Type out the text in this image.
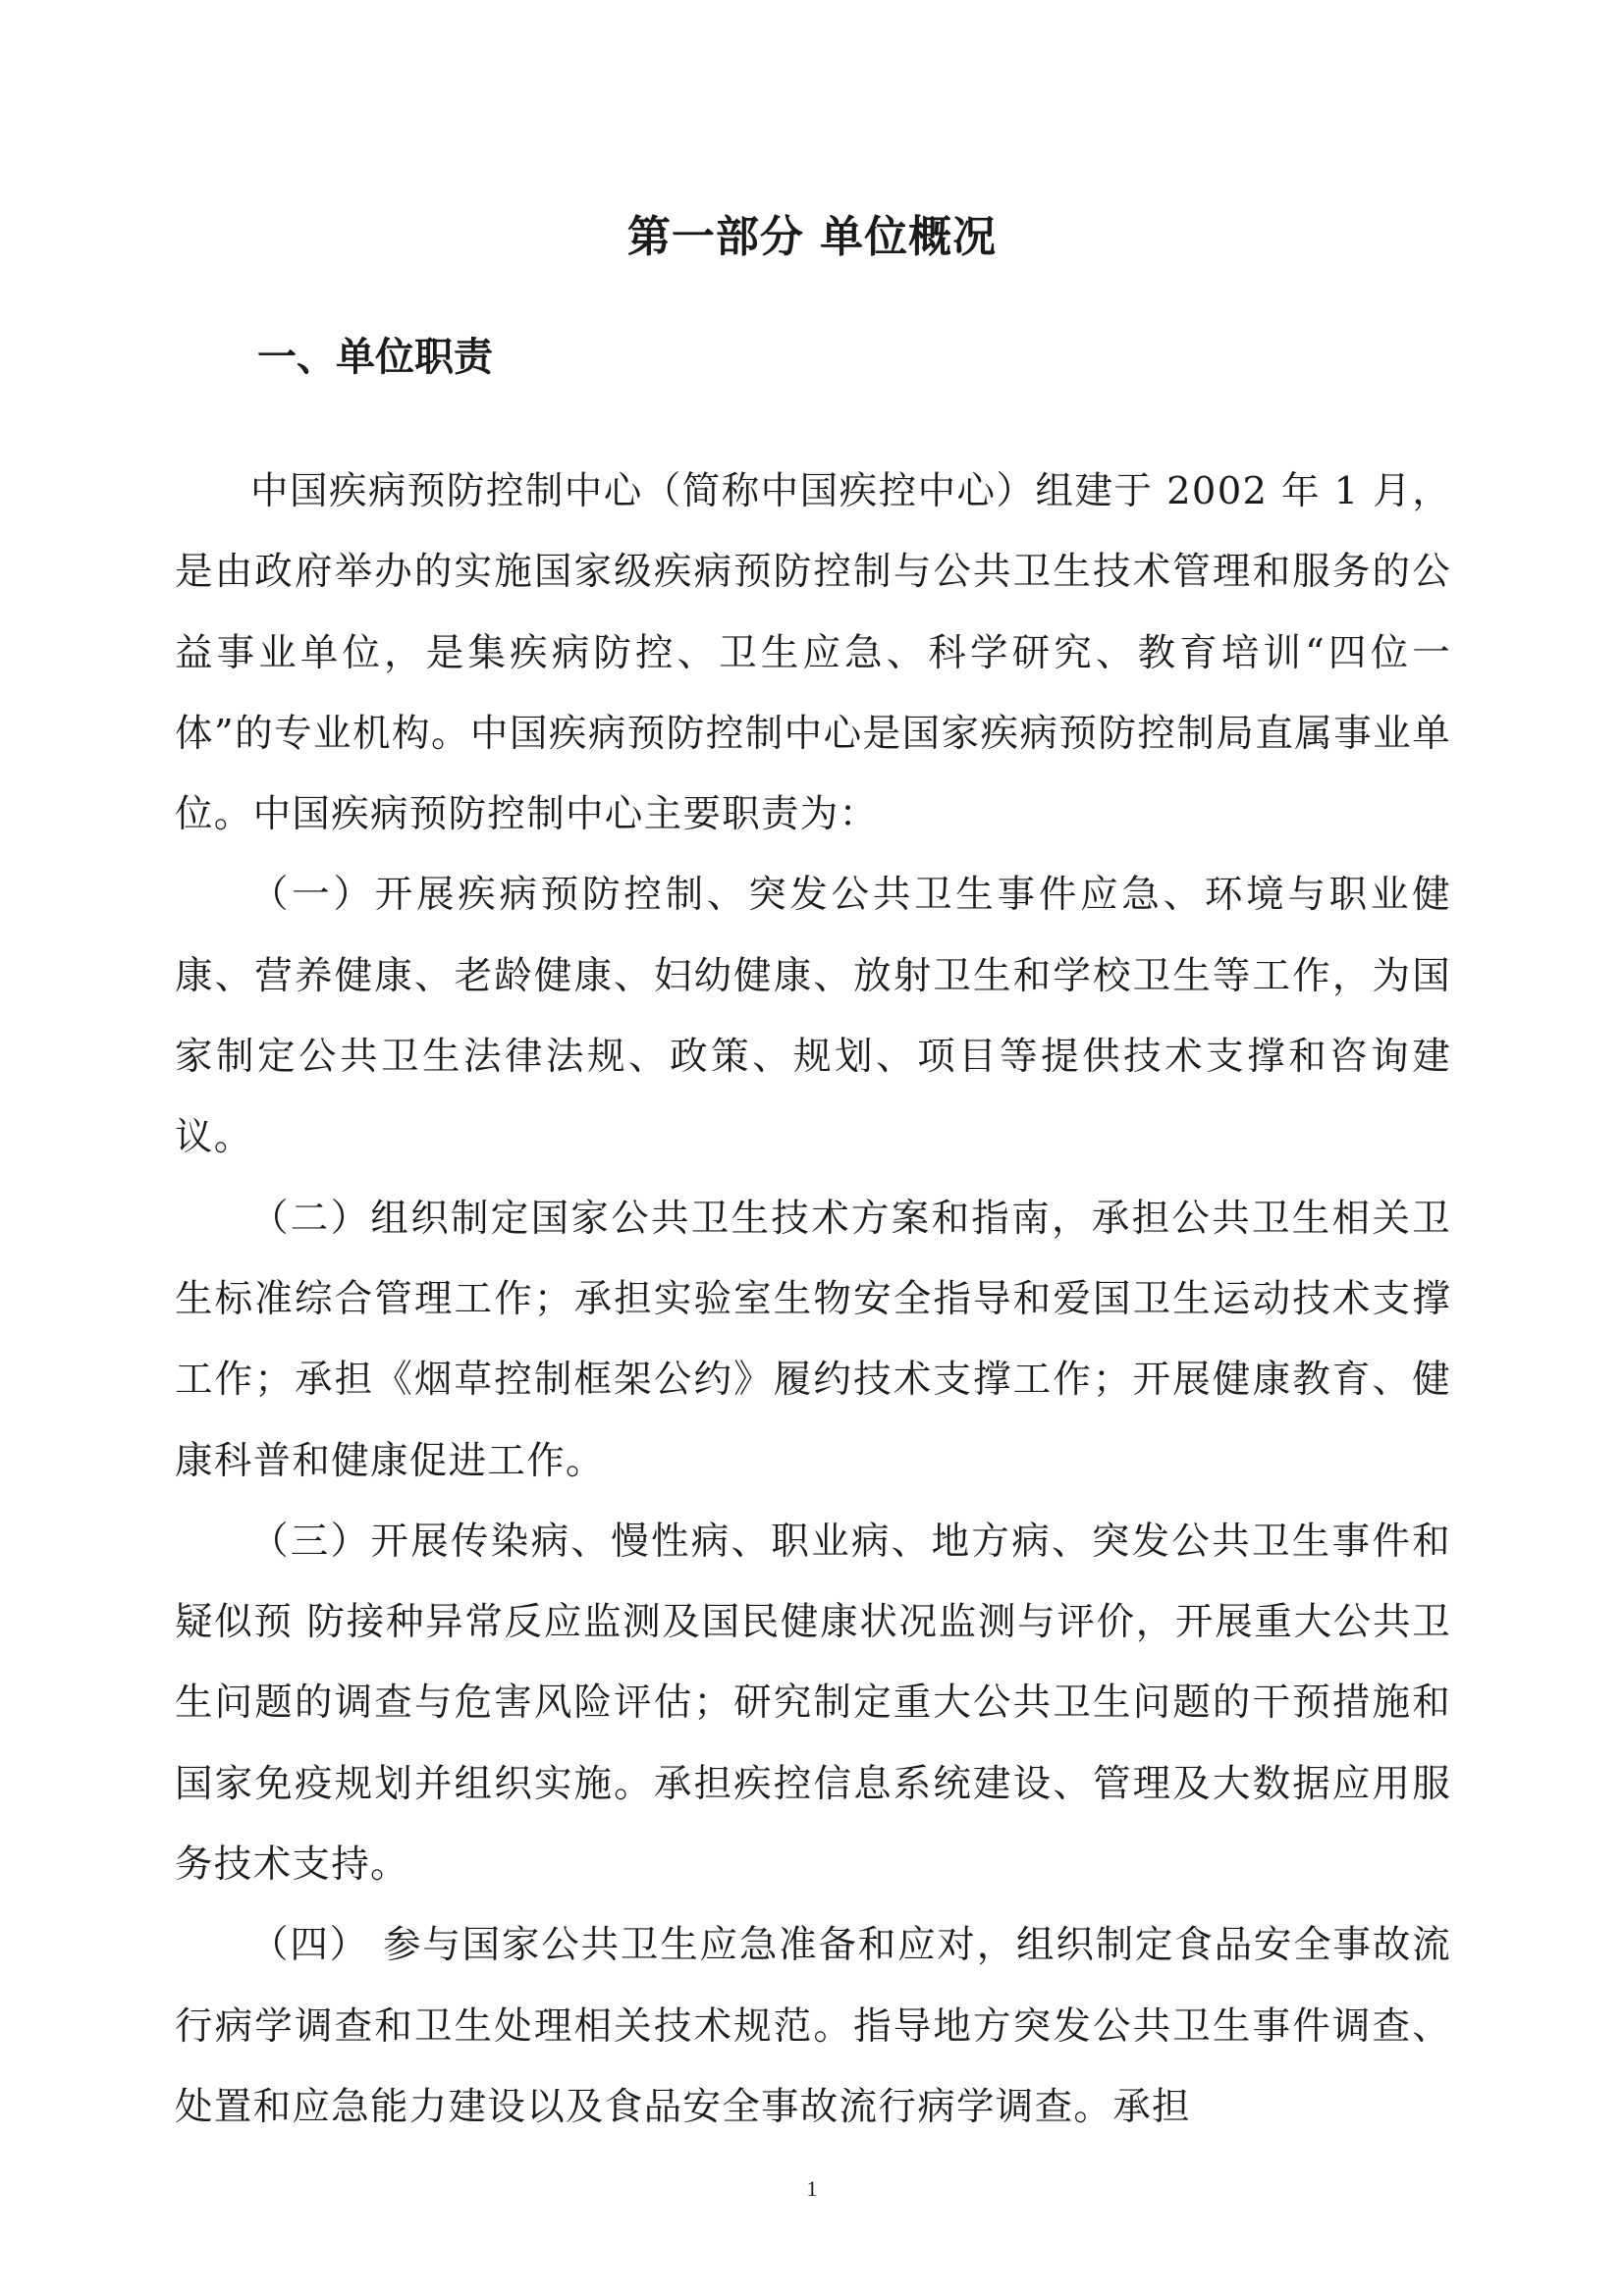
第一部分 单位概况
一、单位职责

中国疾病预防控制中心（简称中国疾控中心）组建于 2002 年 1 月，是由政府举办的实施国家级疾病预防控制与公共卫生技术管理和服务的公益事业单位，是集疾病防控、卫生应急、科学研究、教育培训“四位一体”的专业机构。中国疾病预防控制中心是国家疾病预防控制局直属事业单位。中国疾病预防控制中心主要职责为：

（一）开展疾病预防控制、突发公共卫生事件应急、环境与职业健康、营养健康、老龄健康、妇幼健康、放射卫生和学校卫生等工作，为国家制定公共卫生法律法规、政策、规划、项目等提供技术支撑和咨询建议。

（二）组织制定国家公共卫生技术方案和指南，承担公共卫生相关卫生标准综合管理工作；承担实验室生物安全指导和爱国卫生运动技术支撑工作；承担《烟草控制框架公约》履约技术支撑工作；开展健康教育、健康科普和健康促进工作。

（三）开展传染病、慢性病、职业病、地方病、突发公共卫生事件和疑似预 防接种异常反应监测及国民健康状况监测与评价，开展重大公共卫生问题的调查与危害风险评估；研究制定重大公共卫生问题的干预措施和国家免疫规划并组织实施。承担疾控信息系统建设、管理及大数据应用服务技术支持。

（四） 参与国家公共卫生应急准备和应对，组织制定食品安全事故流行病学调查和卫生处理相关技术规范。指导地方突发公共卫生事件调查、处置和应急能力建设以及食品安全事故流行病学调查。承担

1
